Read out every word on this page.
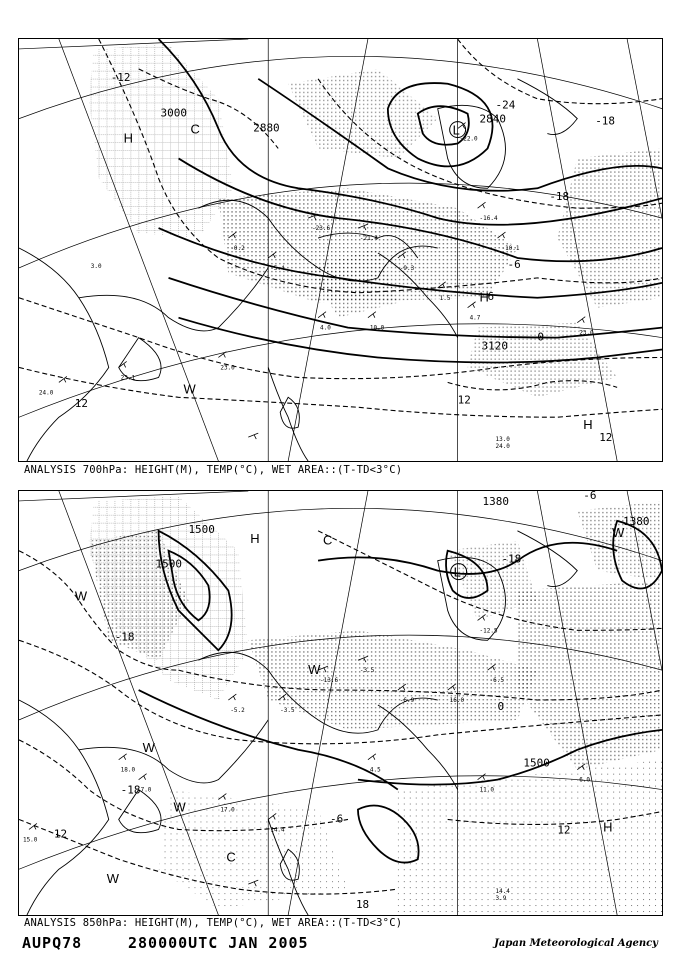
-0.2
-5.4
-23.6
-21.4
-9.3
1.5
-16.4
-10.1
4.0	10.0
4.7
23.0
23.0
23.1
24.0
13.0
24.0
-22.0
3.0
3000
2880
2840
3120
-12
-24
-18
-18
12	12
12
-6
0
6
H
L
C
W
H
H
ANALYSIS 700hPa: HEIGHT(M), TEMP(°C), WET AREA::(T-TD<3°C)
-5.2	-3.5
-13.6
-3.5
-6.9	16.0
-12.5
-6.5
4.5
11.0
6.0
17.0
18.0
7.0
15.0
14.4
3.9
14.4
1500
1500
1380
1500
1380
-18
-18
-6
-6
0
12
12
18
-18
H
L
W
W
W
W
C
W
H
W
C
ANALYSIS 850hPa: HEIGHT(M), TEMP(°C), WET AREA::(T-TD<3°C)
AUPQ78	280000UTC JAN 2005	Japan Meteorological Agency
